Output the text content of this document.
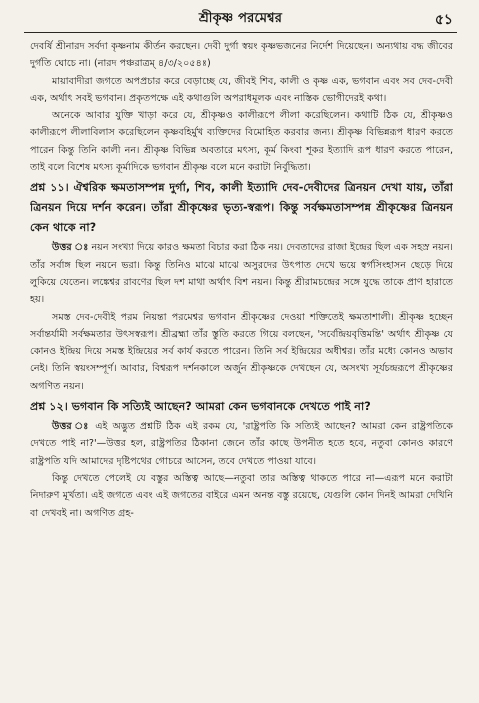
শ্রীকৃষ্ণ পরমেশ্বর	৫১

দেবর্ষি শ্রীনারদ সর্বদা কৃষ্ণনাম কীর্তন করছেন। দেবী দুর্গা স্বয়ং কৃষ্ণভজনের নির্দেশ দিয়েছেন। অন্যথায় বদ্ধ জীবের দুর্গতি ঘোচে না। (নারদ পঞ্চরাত্রম্ ৪/৩/২০৫৪ঃ)

মায়াবাদীরা জগতে অপপ্রচার করে বেড়াচ্ছে যে, জীবই শিব, কালী ও কৃষ্ণ এক, ভগবান এবং সব দেব-দেবী এক, অর্থাৎ সবই ভগবান। প্রকৃতপক্ষে এই কথাগুলি অপরাধমূলক এবং নাস্তিক ভোগীদেরই কথা।

অনেকে আবার যুক্তি খাড়া করে যে, শ্রীকৃষ্ণও কালীরূপে লীলা করেছিলেন। কথাটি ঠিক যে, শ্রীকৃষ্ণও কালীরূপে লীলাবিলাস করেছিলেন কৃষ্ণবহির্মুখ ব্যক্তিদের বিমোহিত করবার জন্য। শ্রীকৃষ্ণ বিভিন্নরূপ ধারণ করতে পারেন কিন্তু তিনি কালী নন। শ্রীকৃষ্ণ বিভিন্ন অবতারে মৎস্য, কূর্ম কিংবা শূকর ইত্যাদি রূপ ধারণ করতে পারেন, তাই বলে বিশেষ মৎস্য কূর্মাদিকে ভগবান শ্রীকৃষ্ণ বলে মনে করাটা নির্বুদ্ধিতা।

প্রশ্ন ১১। ঐশ্বরিক ক্ষমতাসম্পন্ন দুর্গা, শিব, কালী ইত্যাদি দেব-দেবীদের ত্রিনয়ন দেখা যায়, তাঁরা ত্রিনয়ন দিয়ে দর্শন করেন। তাঁরা শ্রীকৃষ্ণের ভৃত্য-স্বরূপ। কিন্তু সর্বক্ষমতাসম্পন্ন শ্রীকৃষ্ণের ত্রিনয়ন কেন থাকে না?

উত্তর ঃ নয়ন সংখ্যা দিয়ে কারও ক্ষমতা বিচার করা ঠিক নয়। দেবতাদের রাজা ইন্দ্রের ছিল এক সহস্র নয়ন। তাঁর সর্বাঙ্গ ছিল নয়নে ভরা। কিন্তু তিনিও মাঝে মাঝে অসুরদের উৎপাত দেখে ভয়ে স্বর্গসিংহাসন ছেড়ে দিয়ে লুকিয়ে যেতেন। লঙ্কেশ্বর রাবণের ছিল দশ মাথা অর্থাৎ বিশ নয়ন। কিন্তু শ্রীরামচন্দ্রের সঙ্গে যুদ্ধে তাকে প্রাণ হারাতে হয়।

সমস্ত দেব-দেবীই পরম নিয়ন্তা পরমেশ্বর ভগবান শ্রীকৃষ্ণের দেওয়া শক্তিতেই ক্ষমতাশালী। শ্রীকৃষ্ণ হচ্ছেন সর্বান্তর্যামী সর্বক্ষমতার উৎসস্বরূপ। শ্রীব্রহ্মা তাঁর স্তুতি করতে গিয়ে বলছেন, 'সর্বেন্দ্রিয়বৃত্তিমন্তি' অর্থাৎ শ্রীকৃষ্ণ যে কোনও ইন্দ্রিয় দিয়ে সমস্ত ইন্দ্রিয়ের সর্ব কার্য করতে পারেন। তিনি সর্ব ইন্দ্রিয়ের অধীশ্বর। তাঁর মধ্যে কোনও অভাব নেই। তিনি স্বয়ংসম্পূর্ণ। আবার, বিশ্বরূপ দর্শনকালে অর্জুন শ্রীকৃষ্ণকে দেখছেন যে, অসংখ্য সূর্যচন্দ্ররূপে শ্রীকৃষ্ণের অগণিত নয়ন।

প্রশ্ন ১২। ভগবান কি সত্যিই আছেন? আমরা কেন ভগবানকে দেখতে পাই না?

উত্তর ঃ এই অদ্ভুত প্রশ্নটি ঠিক এই রকম যে, 'রাষ্ট্রপতি কি সত্যিই আছেন? আমরা কেন রাষ্ট্রপতিকে দেখতে পাই না?'—উত্তর হল, রাষ্ট্রপতির ঠিকানা জেনে তাঁর কাছে উপনীত হতে হবে, নতুবা কোনও কারণে রাষ্ট্রপতি যদি আমাদের দৃষ্টিপথের গোচরে আসেন, তবে দেখতে পাওয়া যাবে।

কিন্তু দেখতে পেলেই যে বস্তুর অস্তিত্ব আছে—নতুবা তার অস্তিত্ব থাকতে পারে না—এরূপ মনে করাটা নিদারুণ মূর্খতা। এই জগতে এবং এই জগতের বাইরে এমন অনন্ত বস্তু রয়েছে, যেগুলি কোন দিনই আমরা দেখিনি বা দেখবই না। অগণিত গ্রহ-
